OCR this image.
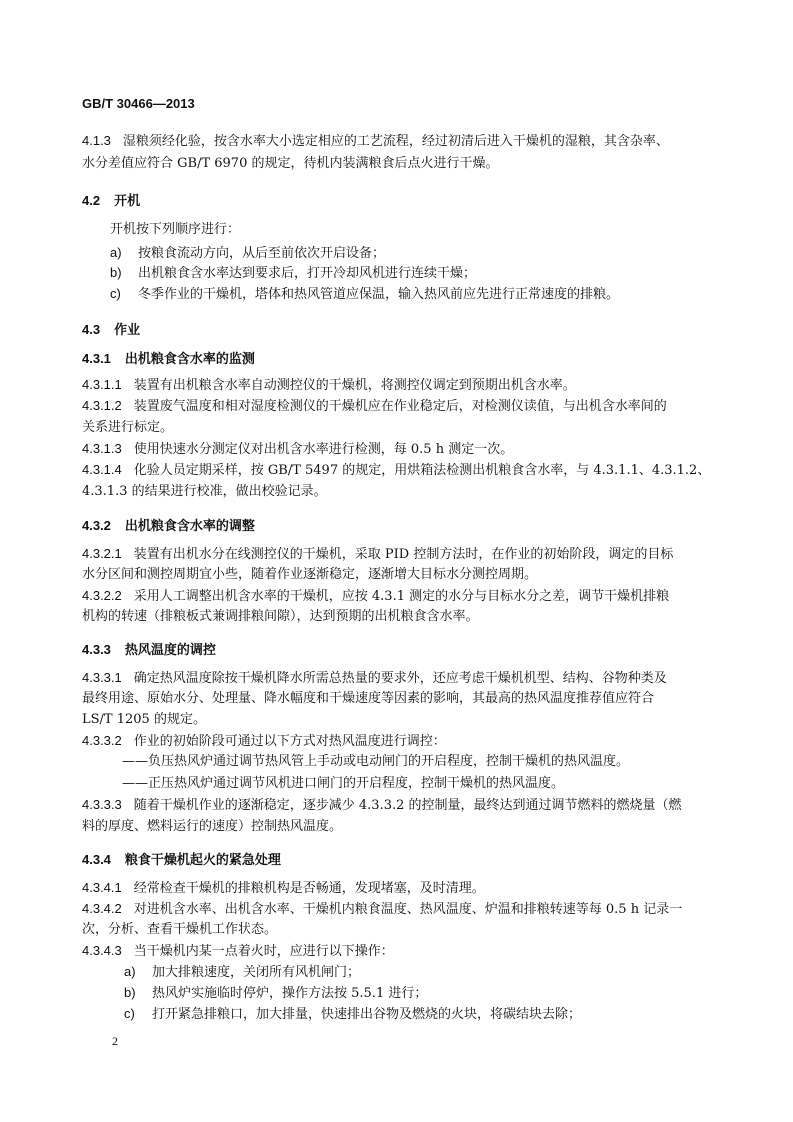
GB/T 30466—2013
4.1.3 湿粮须经化验，按含水率大小选定相应的工艺流程，经过初清后进入干燥机的湿粮，其含杂率、
水分差值应符合 GB/T 6970 的规定，待机内装满粮食后点火进行干燥。
4.2 开机
开机按下列顺序进行：
a) 按粮食流动方向，从后至前依次开启设备；
b) 出机粮食含水率达到要求后，打开冷却风机进行连续干燥；
c) 冬季作业的干燥机，塔体和热风管道应保温，输入热风前应先进行正常速度的排粮。
4.3 作业
4.3.1 出机粮食含水率的监测
4.3.1.1 装置有出机粮含水率自动测控仪的干燥机，将测控仪调定到预期出机含水率。
4.3.1.2 装置废气温度和相对湿度检测仪的干燥机应在作业稳定后，对检测仪读值，与出机含水率间的
关系进行标定。
4.3.1.3 使用快速水分测定仪对出机含水率进行检测，每 0.5 h 测定一次。
4.3.1.4 化验人员定期采样，按 GB/T 5497 的规定，用烘箱法检测出机粮食含水率，与 4.3.1.1、4.3.1.2、
4.3.1.3 的结果进行校准，做出校验记录。
4.3.2 出机粮食含水率的调整
4.3.2.1 装置有出机水分在线测控仪的干燥机，采取 PID 控制方法时，在作业的初始阶段，调定的目标
水分区间和测控周期宜小些，随着作业逐渐稳定，逐渐增大目标水分测控周期。
4.3.2.2 采用人工调整出机含水率的干燥机，应按 4.3.1 测定的水分与目标水分之差，调节干燥机排粮
机构的转速（排粮板式兼调排粮间隙），达到预期的出机粮食含水率。
4.3.3 热风温度的调控
4.3.3.1 确定热风温度除按干燥机降水所需总热量的要求外，还应考虑干燥机机型、结构、谷物种类及
最终用途、原始水分、处理量、降水幅度和干燥速度等因素的影响，其最高的热风温度推荐值应符合
LS/T 1205 的规定。
4.3.3.2 作业的初始阶段可通过以下方式对热风温度进行调控：
——负压热风炉通过调节热风管上手动或电动闸门的开启程度，控制干燥机的热风温度。
——正压热风炉通过调节风机进口闸门的开启程度，控制干燥机的热风温度。
4.3.3.3 随着干燥机作业的逐渐稳定，逐步减少 4.3.3.2 的控制量，最终达到通过调节燃料的燃烧量（燃
料的厚度、燃料运行的速度）控制热风温度。
4.3.4 粮食干燥机起火的紧急处理
4.3.4.1 经常检查干燥机的排粮机构是否畅通，发现堵塞，及时清理。
4.3.4.2 对进机含水率、出机含水率、干燥机内粮食温度、热风温度、炉温和排粮转速等每 0.5 h 记录一
次，分析、查看干燥机工作状态。
4.3.4.3 当干燥机内某一点着火时，应进行以下操作：
a) 加大排粮速度，关闭所有风机闸门；
b) 热风炉实施临时停炉，操作方法按 5.5.1 进行；
c) 打开紧急排粮口，加大排量，快速排出谷物及燃烧的火块，将碳结块去除；
2
